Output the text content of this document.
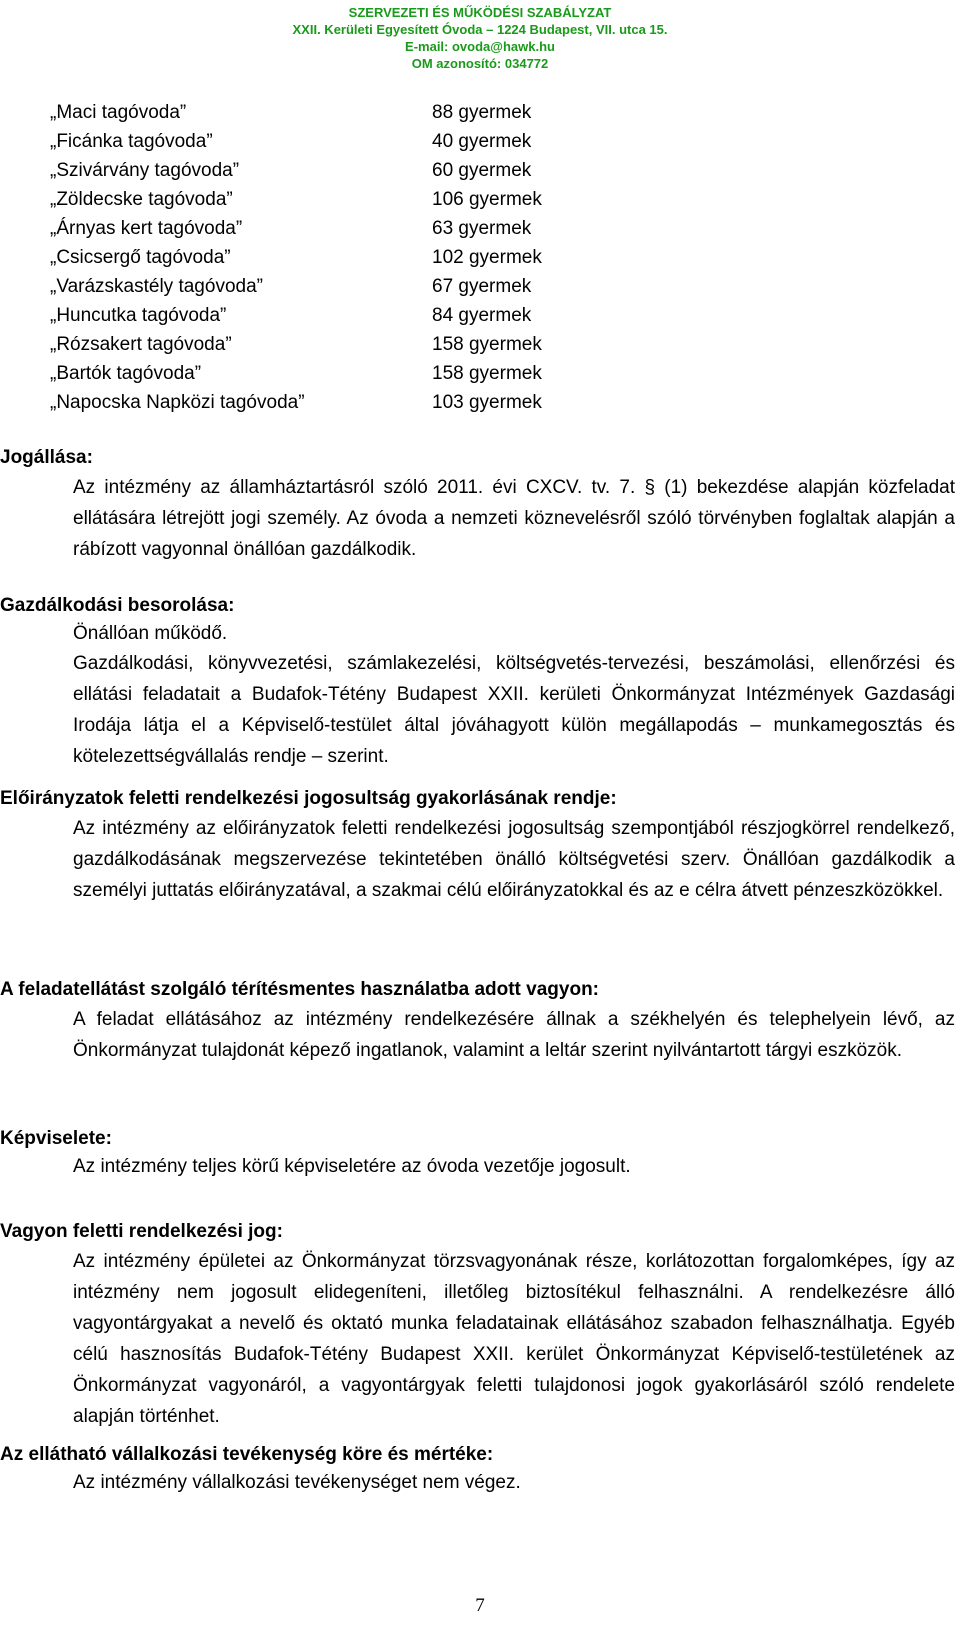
SZERVEZETI ÉS MŰKÖDÉSI SZABÁLYZAT
XXII. Kerületi Egyesített Óvoda – 1224 Budapest, VII. utca 15.
E-mail: ovoda@hawk.hu
OM azonosító: 034772
„Maci tagóvoda”	88 gyermek
„Ficánka tagóvoda”	40 gyermek
„Szivárvány tagóvoda”	60 gyermek
„Zöldecske tagóvoda”	106 gyermek
„Árnyas kert tagóvoda”	63 gyermek
„Csicsergő tagóvoda”	102 gyermek
„Varázskastély tagóvoda”	67 gyermek
„Huncutka tagóvoda”	84 gyermek
„Rózsakert tagóvoda”	158 gyermek
„Bartók tagóvoda”	158 gyermek
„Napocska Napközi tagóvoda”	103 gyermek
Jogállása:

Az intézmény az államháztartásról szóló 2011. évi CXCV. tv. 7. § (1) bekezdése alapján közfeladat ellátására létrejött jogi személy. Az óvoda a nemzeti köznevelésről szóló törvényben foglaltak alapján a rábízott vagyonnal önállóan gazdálkodik.

Gazdálkodási besorolása:

Önállóan működő.

Gazdálkodási, könyvvezetési, számlakezelési, költségvetés-tervezési, beszámolási, ellenőrzési és ellátási feladatait a Budafok-Tétény Budapest XXII. kerületi Önkormányzat Intézmények Gazdasági Irodája látja el a Képviselő-testület által jóváhagyott külön megállapodás – munkamegosztás és kötelezettségvállalás rendje – szerint.

Előirányzatok feletti rendelkezési jogosultság gyakorlásának rendje:

Az intézmény az előirányzatok feletti rendelkezési jogosultság szempontjából részjogkörrel rendelkező, gazdálkodásának megszervezése tekintetében önálló költségvetési szerv. Önállóan gazdálkodik a személyi juttatás előirányzatával, a szakmai célú előirányzatokkal és az e célra átvett pénzeszközökkel.

A feladatellátást szolgáló térítésmentes használatba adott vagyon:

A feladat ellátásához az intézmény rendelkezésére állnak a székhelyén és telephelyein lévő, az Önkormányzat tulajdonát képező ingatlanok, valamint a leltár szerint nyilvántartott tárgyi eszközök.

Képviselete:

Az intézmény teljes körű képviseletére az óvoda vezetője jogosult.

Vagyon feletti rendelkezési jog:

Az intézmény épületei az Önkormányzat törzsvagyonának része, korlátozottan forgalomképes, így az intézmény nem jogosult elidegeníteni, illetőleg biztosítékul felhasználni. A rendelkezésre álló vagyontárgyakat a nevelő és oktató munka feladatainak ellátásához szabadon felhasználhatja. Egyéb célú hasznosítás Budafok-Tétény Budapest XXII. kerület Önkormányzat Képviselő-testületének az Önkormányzat vagyonáról, a vagyontárgyak feletti tulajdonosi jogok gyakorlásáról szóló rendelete alapján történhet.

Az ellátható vállalkozási tevékenység köre és mértéke:

Az intézmény vállalkozási tevékenységet nem végez.

7
